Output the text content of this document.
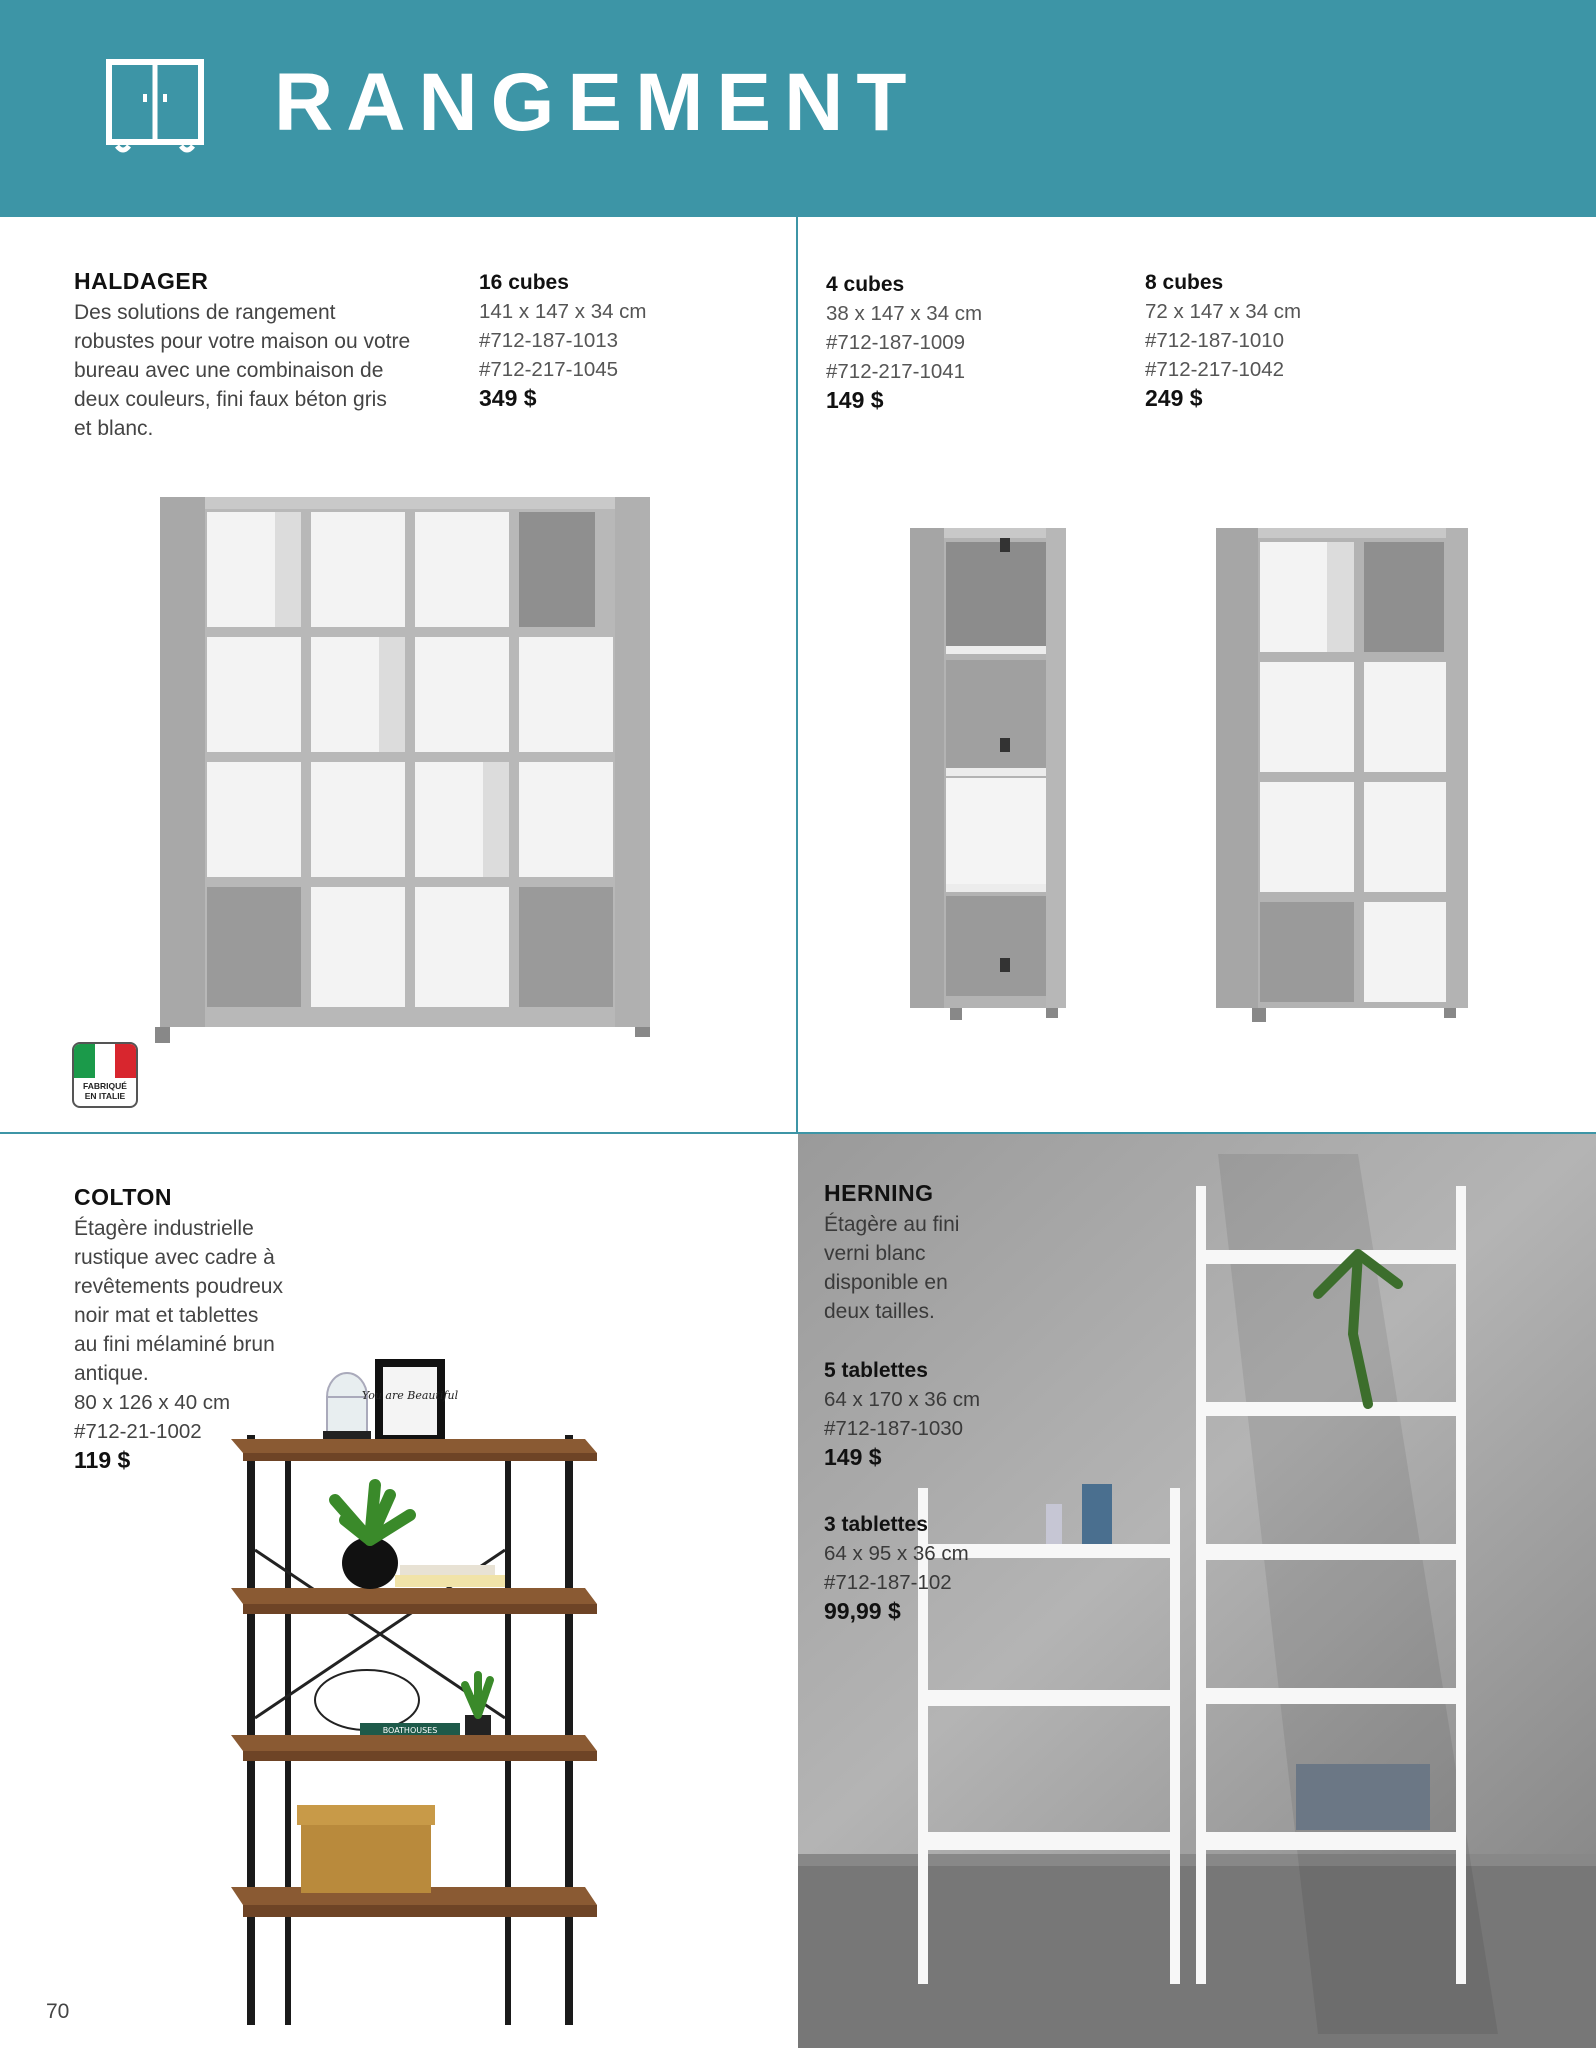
RANGEMENT
HALDAGER
Des solutions de rangement
robustes pour votre maison ou votre
bureau avec une combinaison de
deux couleurs, fini faux béton gris
et blanc.
16 cubes
141 x 147 x 34 cm
#712-187-1013
#712-217-1045
349 $
4 cubes
38 x 147 x 34 cm
#712-187-1009
#712-217-1041
149 $
8 cubes
72 x 147 x 34 cm
#712-187-1010
#712-217-1042
249 $
FABRIQUÉ
EN ITALIE
COLTON
Étagère industrielle
rustique avec cadre à
revêtements poudreux
noir mat et tablettes
au fini mélaminé brun
antique.
80 x 126 x 40 cm
#712-21-1002
119 $
You are Beautiful
BOATHOUSES
HERNING
Étagère au fini
verni blanc
disponible en
deux tailles.
5 tablettes
64 x 170 x 36 cm
#712-187-1030
149 $
3 tablettes
64 x 95 x 36 cm
#712-187-102
99,99 $
70
